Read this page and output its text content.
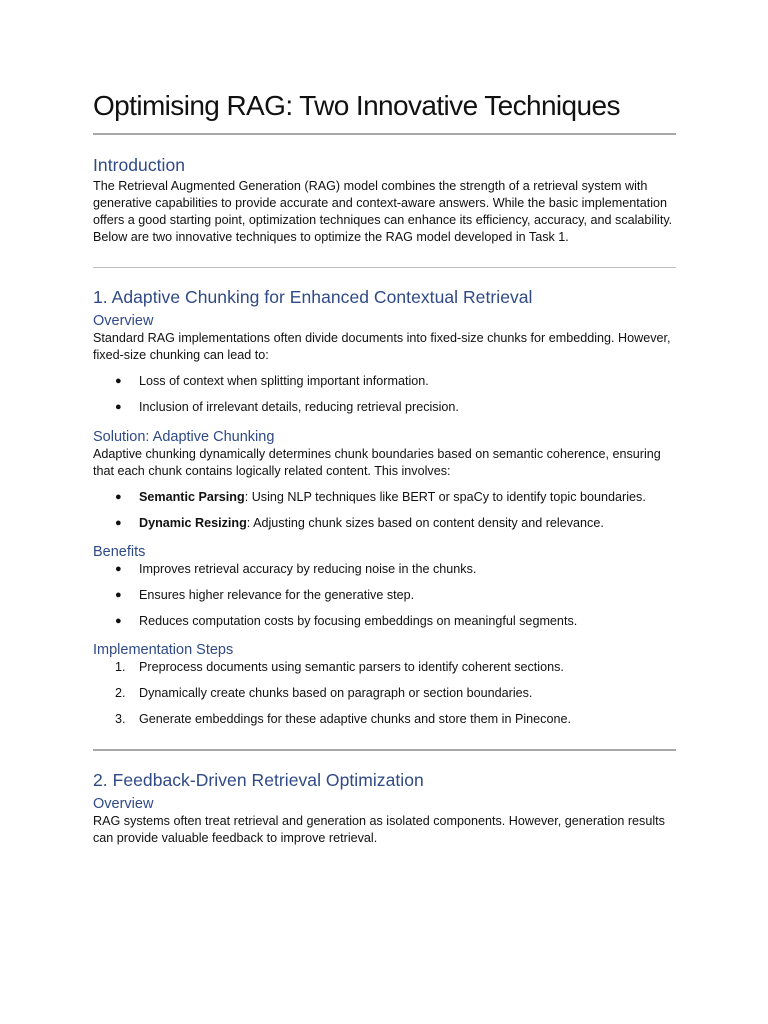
Optimising RAG: Two Innovative Techniques
Introduction

The Retrieval Augmented Generation (RAG) model combines the strength of a retrieval system with generative capabilities to provide accurate and context-aware answers. While the basic implementation offers a good starting point, optimization techniques can enhance its efficiency, accuracy, and scalability. Below are two innovative techniques to optimize the RAG model developed in Task 1.

1. Adaptive Chunking for Enhanced Contextual Retrieval
Overview

Standard RAG implementations often divide documents into fixed-size chunks for embedding. However, fixed-size chunking can lead to:

● Loss of context when splitting important information.
● Inclusion of irrelevant details, reducing retrieval precision.
Solution: Adaptive Chunking

Adaptive chunking dynamically determines chunk boundaries based on semantic coherence, ensuring that each chunk contains logically related content. This involves:

● Semantic Parsing: Using NLP techniques like BERT or spaCy to identify topic boundaries.
● Dynamic Resizing: Adjusting chunk sizes based on content density and relevance.
Benefits
● Improves retrieval accuracy by reducing noise in the chunks.
● Ensures higher relevance for the generative step.
● Reduces computation costs by focusing embeddings on meaningful segments.
Implementation Steps
1. Preprocess documents using semantic parsers to identify coherent sections.
2. Dynamically create chunks based on paragraph or section boundaries.
3. Generate embeddings for these adaptive chunks and store them in Pinecone.
2. Feedback-Driven Retrieval Optimization
Overview

RAG systems often treat retrieval and generation as isolated components. However, generation results can provide valuable feedback to improve retrieval.
